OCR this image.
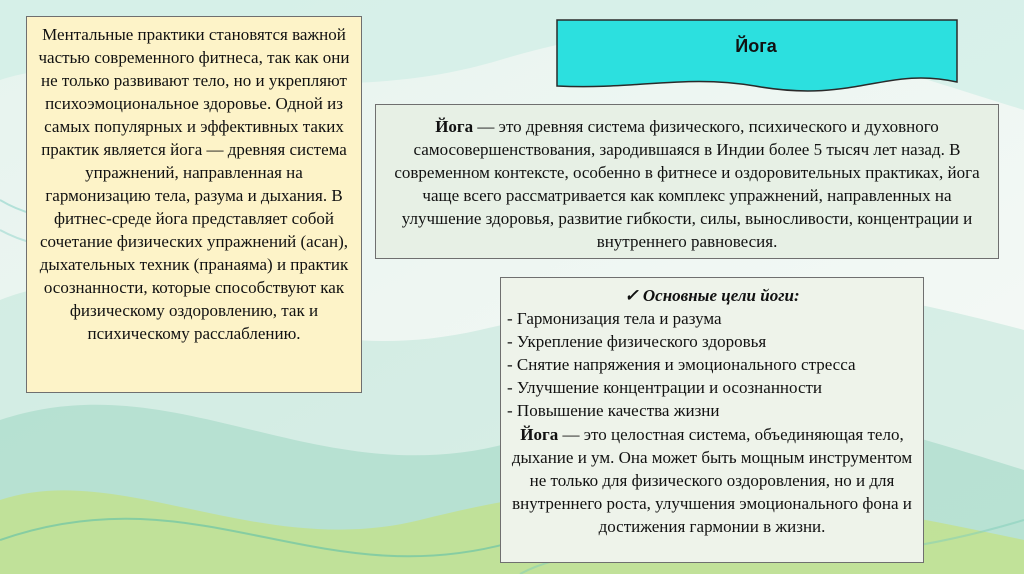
Йога
Ментальные практики становятся важной частью современного фитнеса, так как они не только развивают тело, но и укрепляют психоэмоциональное здоровье. Одной из самых популярных и эффективных таких практик является йога — древняя система упражнений, направленная на гармонизацию тела, разума и дыхания. В фитнес-среде йога представляет собой сочетание физических упражнений (асан), дыхательных техник (пранаяма) и практик осознанности, которые способствуют как физическому оздоровлению, так и психическому расслаблению.
Йога — это древняя система физического, психического и духовного самосовершенствования, зародившаяся в Индии более 5 тысяч лет назад. В современном контексте, особенно в фитнесе и оздоровительных практиках, йога чаще всего рассматривается как комплекс упражнений, направленных на улучшение здоровья, развитие гибкости, силы, выносливости, концентрации и внутреннего равновесия.
✓ Основные цели йоги:
- Гармонизация тела и разума
- Укрепление физического здоровья
- Снятие напряжения и эмоционального стресса
- Улучшение концентрации и осознанности
- Повышение качества жизни
Йога — это целостная система, объединяющая тело, дыхание и ум. Она может быть мощным инструментом не только для физического оздоровления, но и для внутреннего роста, улучшения эмоционального фона и достижения гармонии в жизни.
